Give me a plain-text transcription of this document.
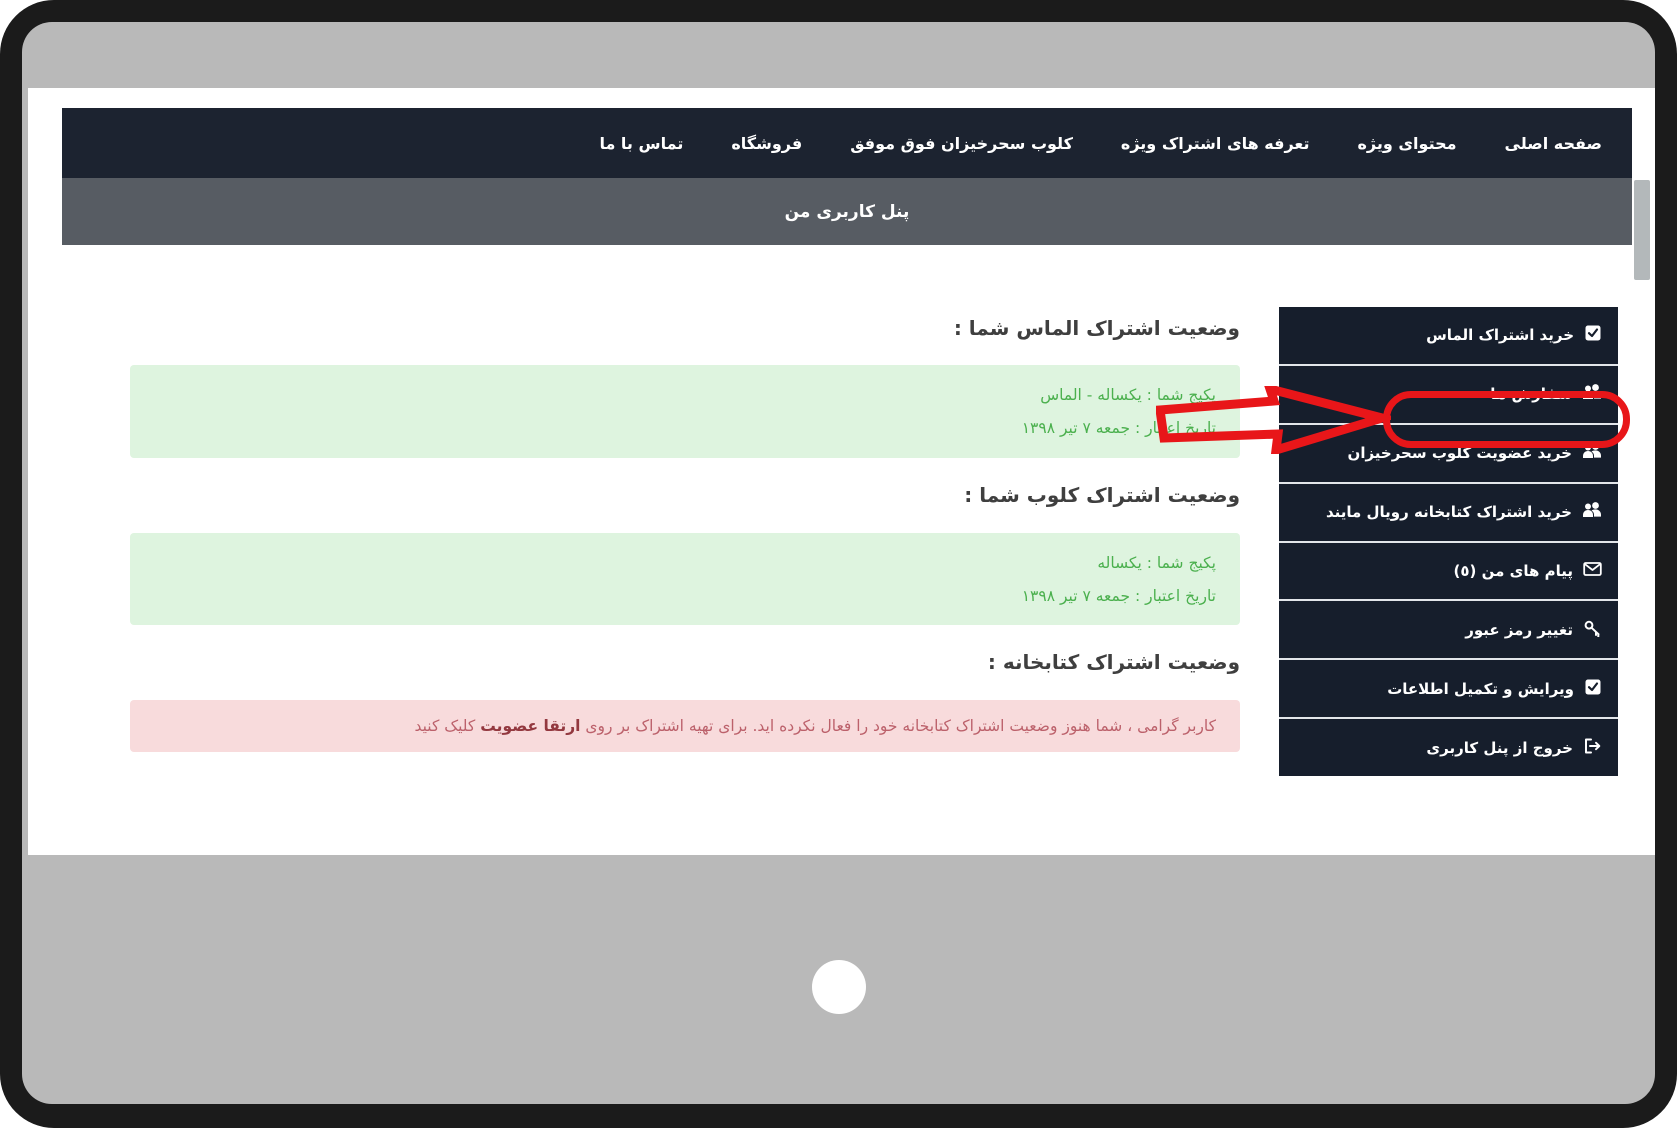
صفحه اصلی
محتوای ویژه
تعرفه های اشتراک ویژه
کلوب سحرخیزان فوق موفق
فروشگاه
تماس با ما
پنل کاربری من
خرید اشتراک الماس
سفارش ها
خرید عضویت کلوب سحرخیزان
خرید اشتراک کتابخانه رویال مایند
پیام های من (٥)
تغییر رمز عبور
ویرایش و تکمیل اطلاعات
خروج از پنل کاربری
وضعیت اشتراک الماس شما :
پکیج شما : یکساله - الماس
تاریخ اعتبار : جمعه ۷ تیر ۱۳۹۸
وضعیت اشتراک کلوب شما :
پکیج شما : یکساله
تاریخ اعتبار : جمعه ۷ تیر ۱۳۹۸
وضعیت اشتراک کتابخانه :
کاربر گرامی ، شما هنوز وضعیت اشتراک کتابخانه خود را فعال نکرده اید. برای تهیه اشتراک بر روی ارتقا عضویت کلیک کنید
